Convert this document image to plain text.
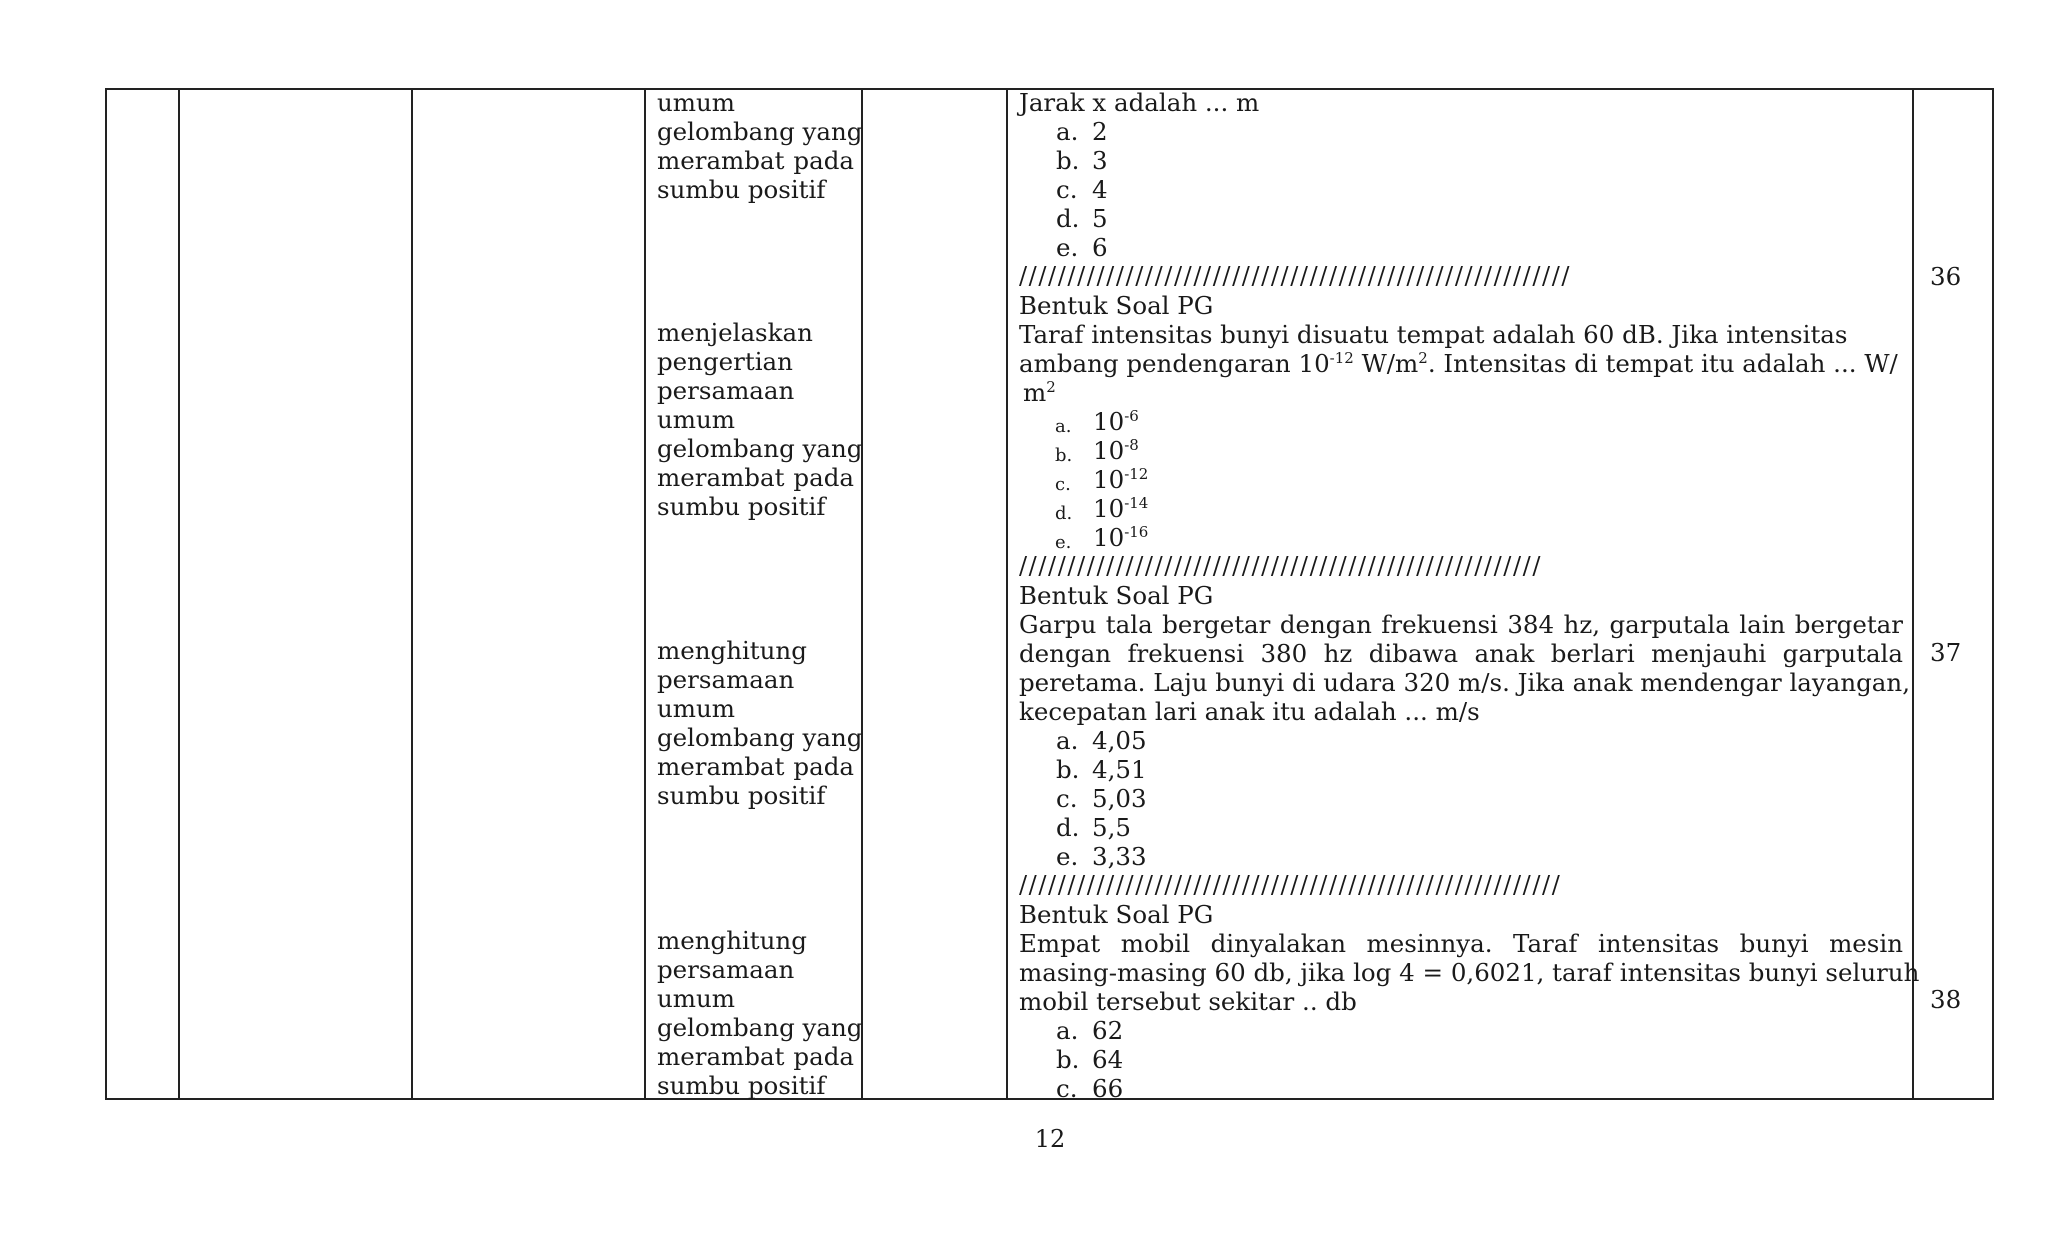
umum
gelombang yang
merambat pada
sumbu positif
menjelaskan
pengertian
persamaan
umum
gelombang yang
merambat pada
sumbu positif
menghitung
persamaan
umum
gelombang yang
merambat pada
sumbu positif
menghitung
persamaan
umum
gelombang yang
merambat pada
sumbu positif
Jarak x adalah ... m
a. 2
b. 3
c. 4
d. 5
e. 6
/////////////////////////////////////////////////////////
Bentuk Soal PG
Taraf intensitas bunyi disuatu tempat adalah 60 dB. Jika intensitas
ambang pendengaran $10^{-12}$ $W/m^2$. Intensitas di tempat itu adalah ... W/
$m^2$
a. $10^{-6}$
b. $10^{-8}$
c. $10^{-12}$
d. $10^{-14}$
e. $10^{-16}$
//////////////////////////////////////////////////////
Bentuk Soal PG
Garpu tala bergetar dengan frekuensi 384 hz, garputala lain bergetar
dengan frekuensi 380 hz dibawa anak berlari menjauhi garputala
peretama. Laju bunyi di udara 320 m/s. Jika anak mendengar layangan,
kecepatan lari anak itu adalah ... m/s
a. 4,05
b. 4,51
c. 5,03
d. 5,5
e. 3,33
////////////////////////////////////////////////////////
Bentuk Soal PG
Empat mobil dinyalakan mesinnya. Taraf intensitas bunyi mesin
masing-masing 60 db, jika log 4 = 0,6021, taraf intensitas bunyi seluruh
mobil tersebut sekitar .. db
a. 62
b. 64
c. 66
36
37
38
12
